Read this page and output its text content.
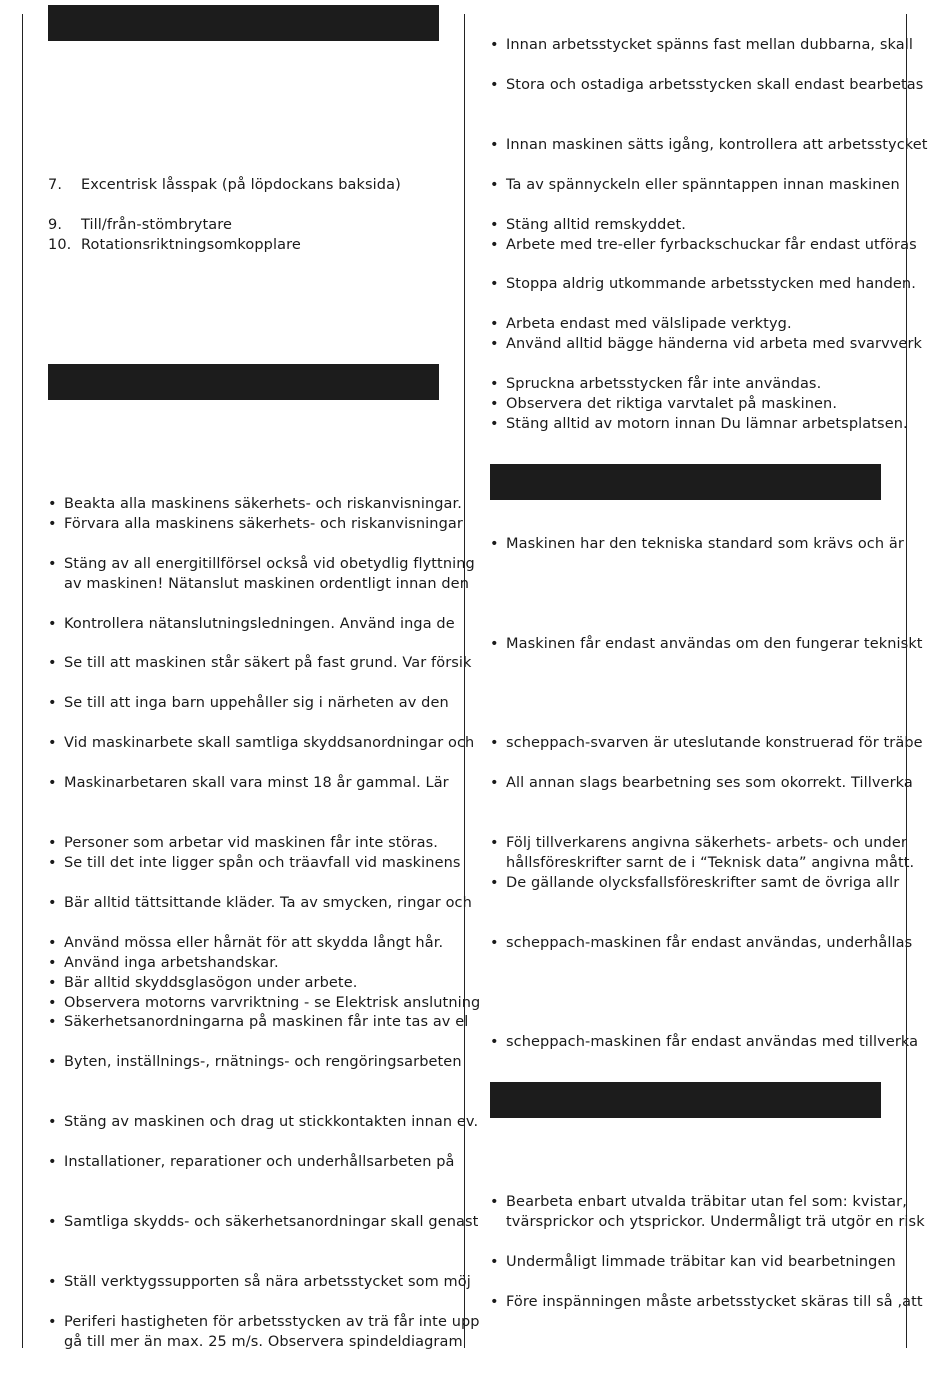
7.	Excentrisk låsspak (på löpdockans baksida)
9.	Till/från-stömbrytare
10. Rotationsriktningsomkopplare
• Beakta alla maskinens säkerhets- och riskanvisningar.
• Förvara alla maskinens säkerhets- och riskanvisningar
• Stäng av all energitillförsel också vid obetydlig flyttning
av maskinen! Nätanslut maskinen ordentligt innan den
• Kontrollera nätanslutningsledningen. Använd inga de
• Se till att maskinen står säkert på fast grund. Var försik
• Se till att inga barn uppehåller sig i närheten av den
• Vid maskinarbete skall samtliga skyddsanordningar och
• Maskinarbetaren skall vara minst 18 år gammal. Lär
• Personer som arbetar vid maskinen får inte störas.
• Se till det inte ligger spån och träavfall vid maskinens
• Bär alltid tättsittande kläder. Ta av smycken, ringar och
• Använd mössa eller hårnät för att skydda långt hår.
• Använd inga arbetshandskar.
• Bär alltid skyddsglasögon under arbete.
• Observera motorns varvriktning - se Elektrisk anslutning
• Säkerhetsanordningarna på maskinen får inte tas av el
• Byten, inställnings-, rnätnings- och rengöringsarbeten
• Stäng av maskinen och drag ut stickkontakten innan ev.
• Installationer, reparationer och underhållsarbeten på
• Samtliga skydds- och säkerhetsanordningar skall genast
• Ställ verktygssupporten så nära arbetsstycket som möj
• Periferi hastigheten för arbetsstycken av trä får inte upp
gå till mer än max. 25 m/s. Observera spindeldiagram
• Innan arbetsstycket spänns fast mellan dubbarna, skall
• Stora och ostadiga arbetsstycken skall endast bearbetas
• Innan maskinen sätts igång, kontrollera att arbetsstycket
• Ta av spännyckeln eller spänntappen innan maskinen
• Stäng alltid remskyddet.
• Arbete med tre-eller fyrbackschuckar får endast utföras
• Stoppa aldrig utkommande arbetsstycken med handen.
• Arbeta endast med välslipade verktyg.
• Använd alltid bägge händerna vid arbeta med svarvverk
• Spruckna arbetsstycken får inte användas.
• Observera det riktiga varvtalet på maskinen.
• Stäng alltid av motorn innan Du lämnar arbetsplatsen.
• Maskinen har den tekniska standard som krävs och är
• Maskinen får endast användas om den fungerar tekniskt
• scheppach-svarven är uteslutande konstruerad för träbe
• All annan slags bearbetning ses som okorrekt. Tillverka
• Följ tillverkarens angivna säkerhets- arbets- och under
hållsföreskrifter sarnt de i “Teknisk data” angivna mått.
• De gällande olycksfallsföreskrifter samt de övriga allr
• scheppach-maskinen får endast användas, underhållas
• scheppach-maskinen får endast användas med tillverka
• Bearbeta enbart utvalda träbitar utan fel som: kvistar,
tvärsprickor och ytsprickor. Undermåligt trä utgör en risk
• Undermåligt limmade träbitar kan vid bearbetningen
• Före inspänningen måste arbetsstycket skäras till så ,att
